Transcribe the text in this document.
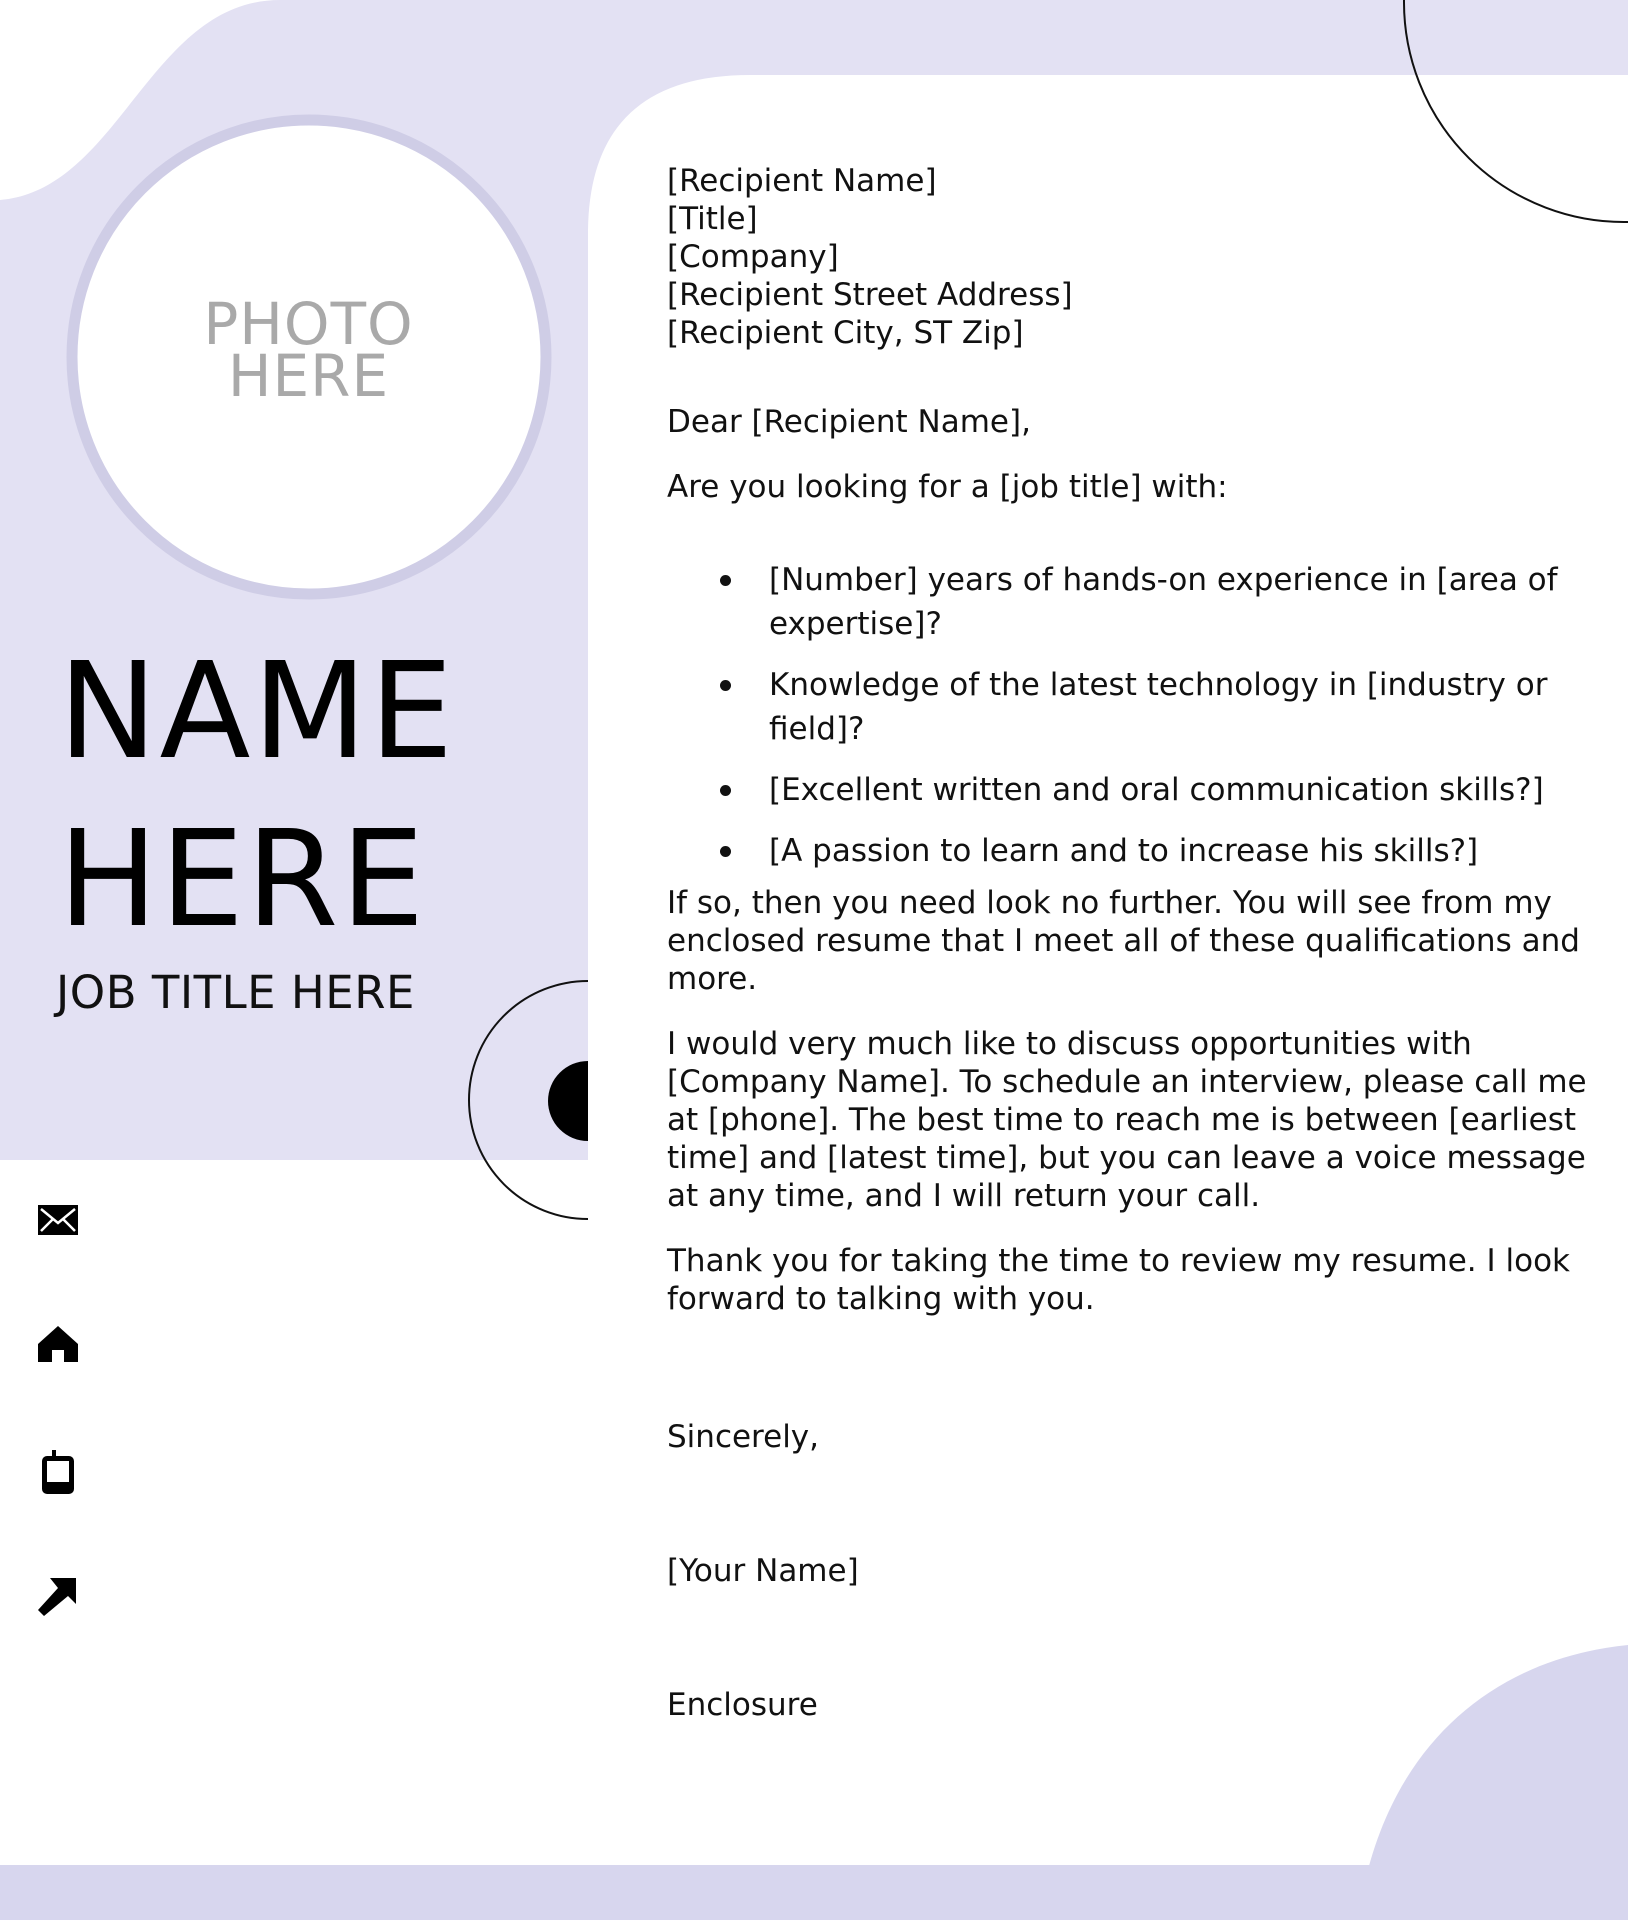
PHOTO
HERE
NAME
HERE
JOB TITLE HERE

[Recipient Name]
[Title]
[Company]
[Recipient Street Address]
[Recipient City, ST Zip]

Dear [Recipient Name],

Are you looking for a [job title] with:

[Number] years of hands-on experience in [area of expertise]?
Knowledge of the latest technology in [industry or field]?
[Excellent written and oral communication skills?]
[A passion to learn and to increase his skills?]

If so, then you need look no further. You will see from my enclosed resume that I meet all of these qualifications and more.

I would very much like to discuss opportunities with [Company Name]. To schedule an interview, please call me at [phone]. The best time to reach me is between [earliest time] and [latest time], but you can leave a voice message at any time, and I will return your call.

Thank you for taking the time to review my resume. I look forward to talking with you.

Sincerely,

[Your Name]

Enclosure
